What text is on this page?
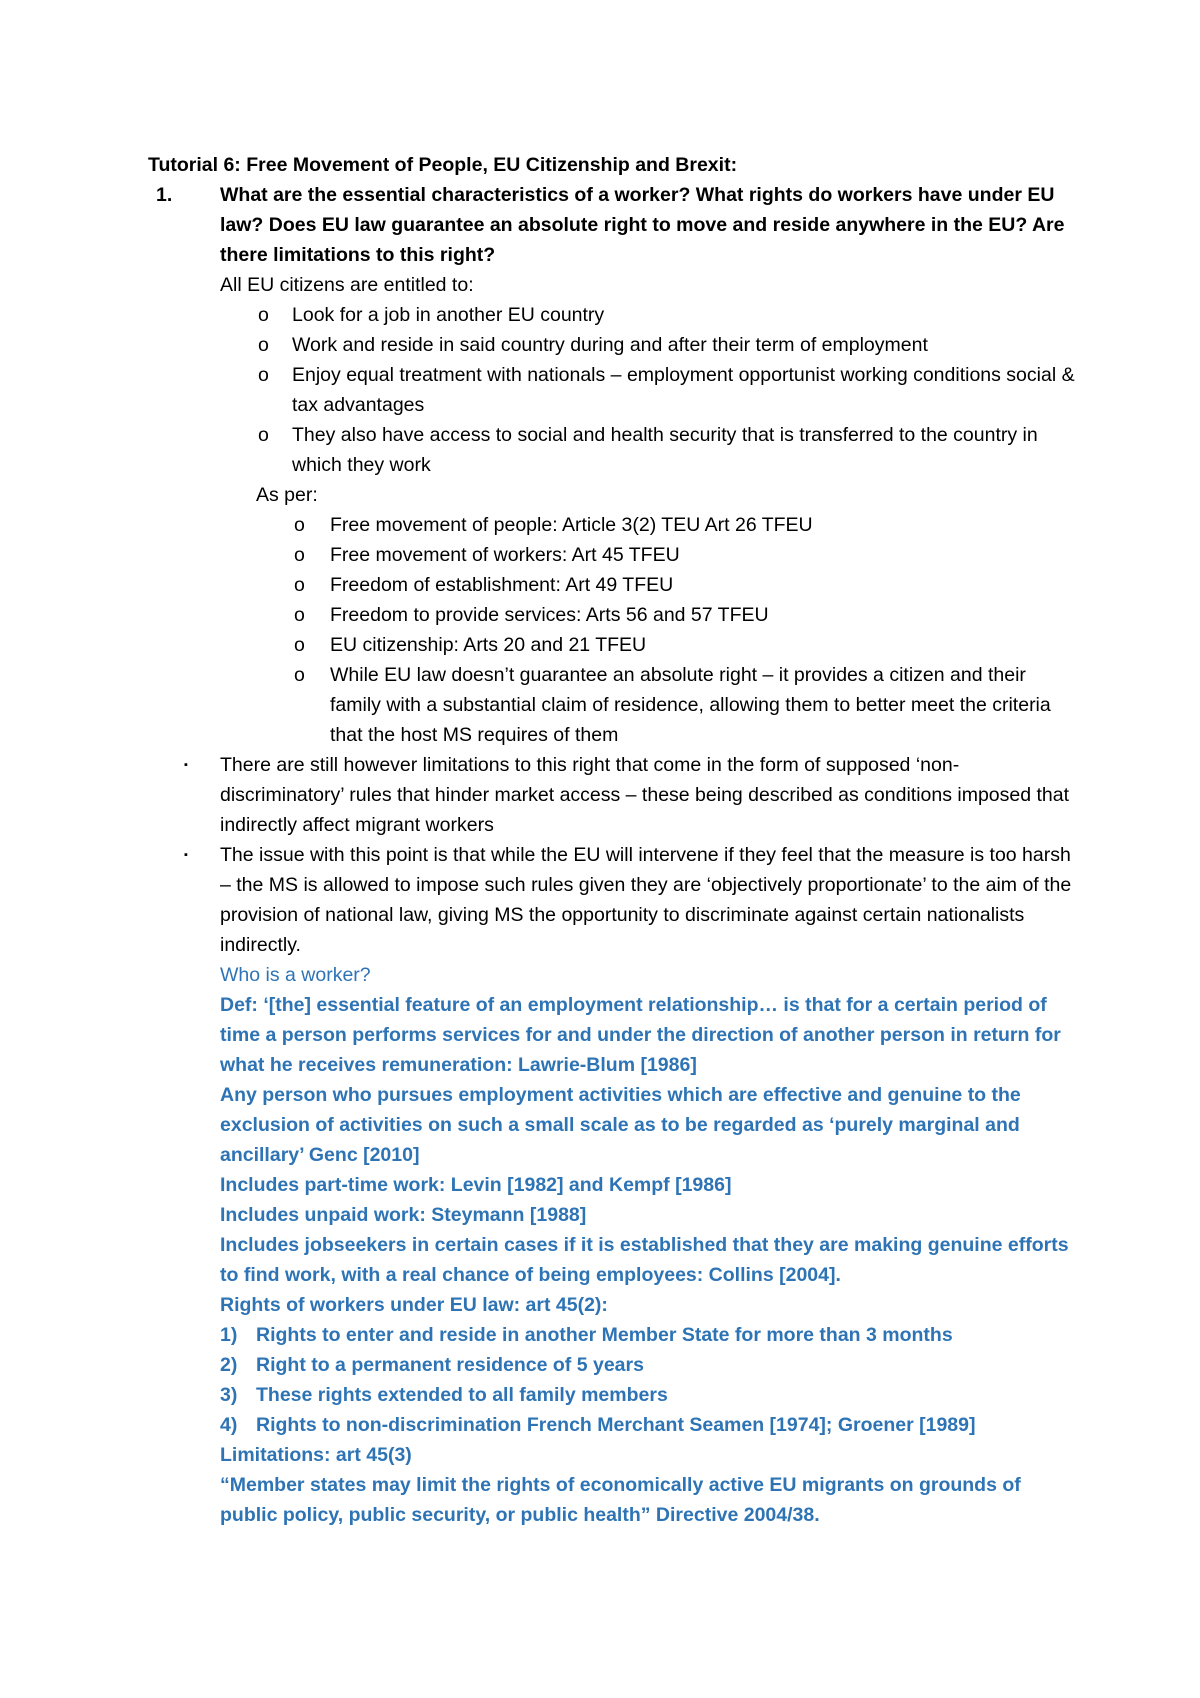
Tutorial 6: Free Movement of People, EU Citizenship and Brexit:
1. What are the essential characteristics of a worker? What rights do workers have under EU law? Does EU law guarantee an absolute right to move and reside anywhere in the EU? Are there limitations to this right?
All EU citizens are entitled to:
o Look for a job in another EU country
o Work and reside in said country during and after their term of employment
o Enjoy equal treatment with nationals – employment opportunist working conditions social & tax advantages
o They also have access to social and health security that is transferred to the country in which they work
As per:
o Free movement of people: Article 3(2) TEU Art 26 TFEU
o Free movement of workers: Art 45 TFEU
o Freedom of establishment: Art 49 TFEU
o Freedom to provide services: Arts 56 and 57 TFEU
o EU citizenship: Arts 20 and 21 TFEU
o While EU law doesn’t guarantee an absolute right – it provides a citizen and their family with a substantial claim of residence, allowing them to better meet the criteria that the host MS requires of them
▪ There are still however limitations to this right that come in the form of supposed ‘non-discriminatory’ rules that hinder market access – these being described as conditions imposed that indirectly affect migrant workers
▪ The issue with this point is that while the EU will intervene if they feel that the measure is too harsh – the MS is allowed to impose such rules given they are ‘objectively proportionate’ to the aim of the provision of national law, giving MS the opportunity to discriminate against certain nationalists indirectly.
Who is a worker?
Def: ‘[the] essential feature of an employment relationship… is that for a certain period of time a person performs services for and under the direction of another person in return for what he receives remuneration: Lawrie-Blum [1986]
Any person who pursues employment activities which are effective and genuine to the exclusion of activities on such a small scale as to be regarded as ‘purely marginal and ancillary’ Genc [2010]
Includes part-time work: Levin [1982] and Kempf [1986]
Includes unpaid work: Steymann [1988]
Includes jobseekers in certain cases if it is established that they are making genuine efforts to find work, with a real chance of being employees: Collins [2004].
Rights of workers under EU law: art 45(2):
1) Rights to enter and reside in another Member State for more than 3 months
2) Right to a permanent residence of 5 years
3) These rights extended to all family members
4) Rights to non-discrimination French Merchant Seamen [1974]; Groener [1989]
Limitations: art 45(3)
“Member states may limit the rights of economically active EU migrants on grounds of public policy, public security, or public health” Directive 2004/38.
